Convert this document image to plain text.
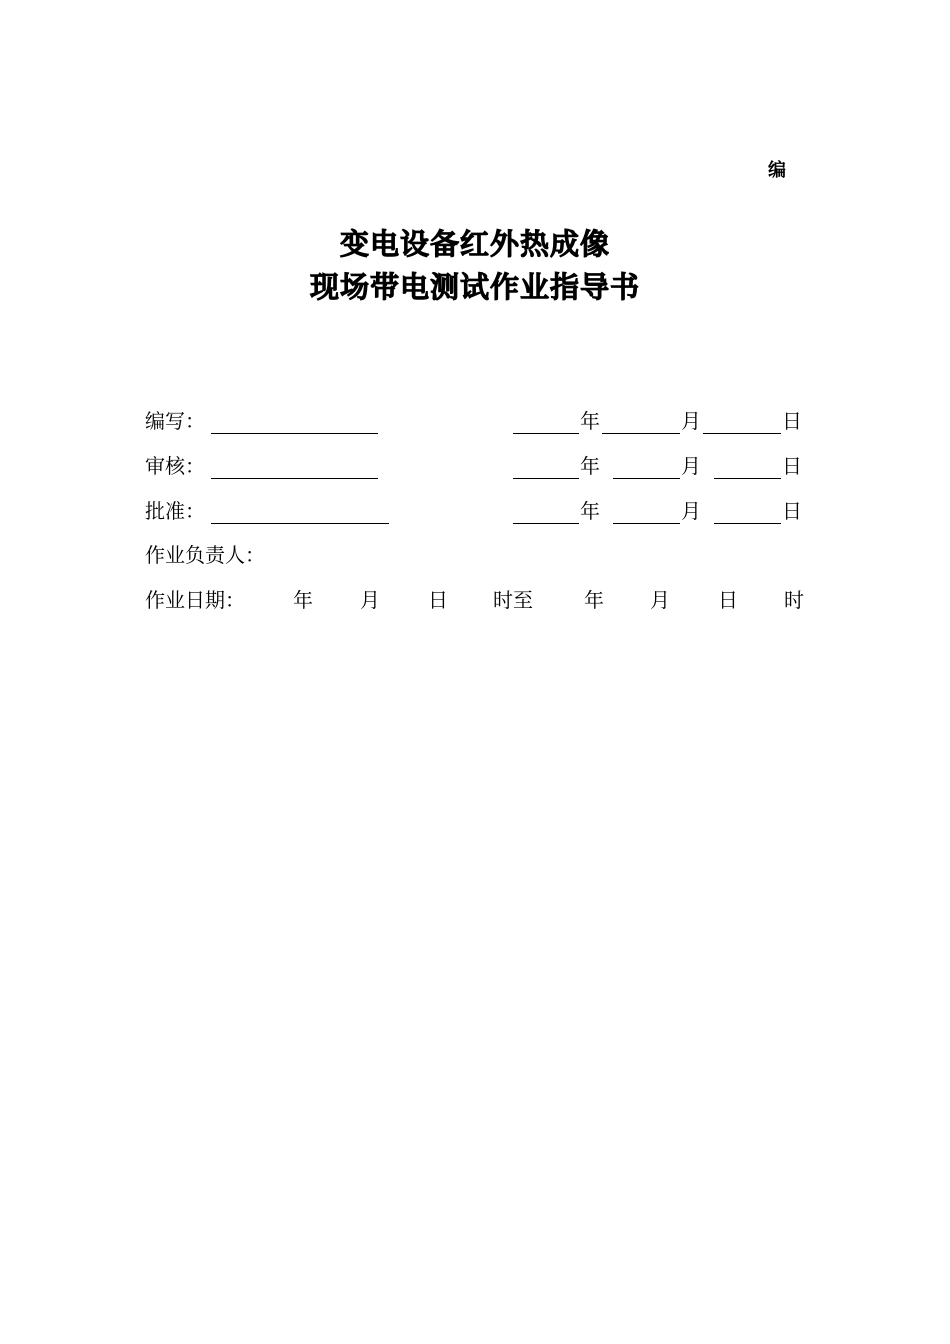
编
变电设备红外热成像
现场带电测试作业指导书
编写：	年	月	日
审核：	年	月	日
批准：	年	月	日
作业负责人：
作业日期： 年 月 日 时至	年 月 日 时
